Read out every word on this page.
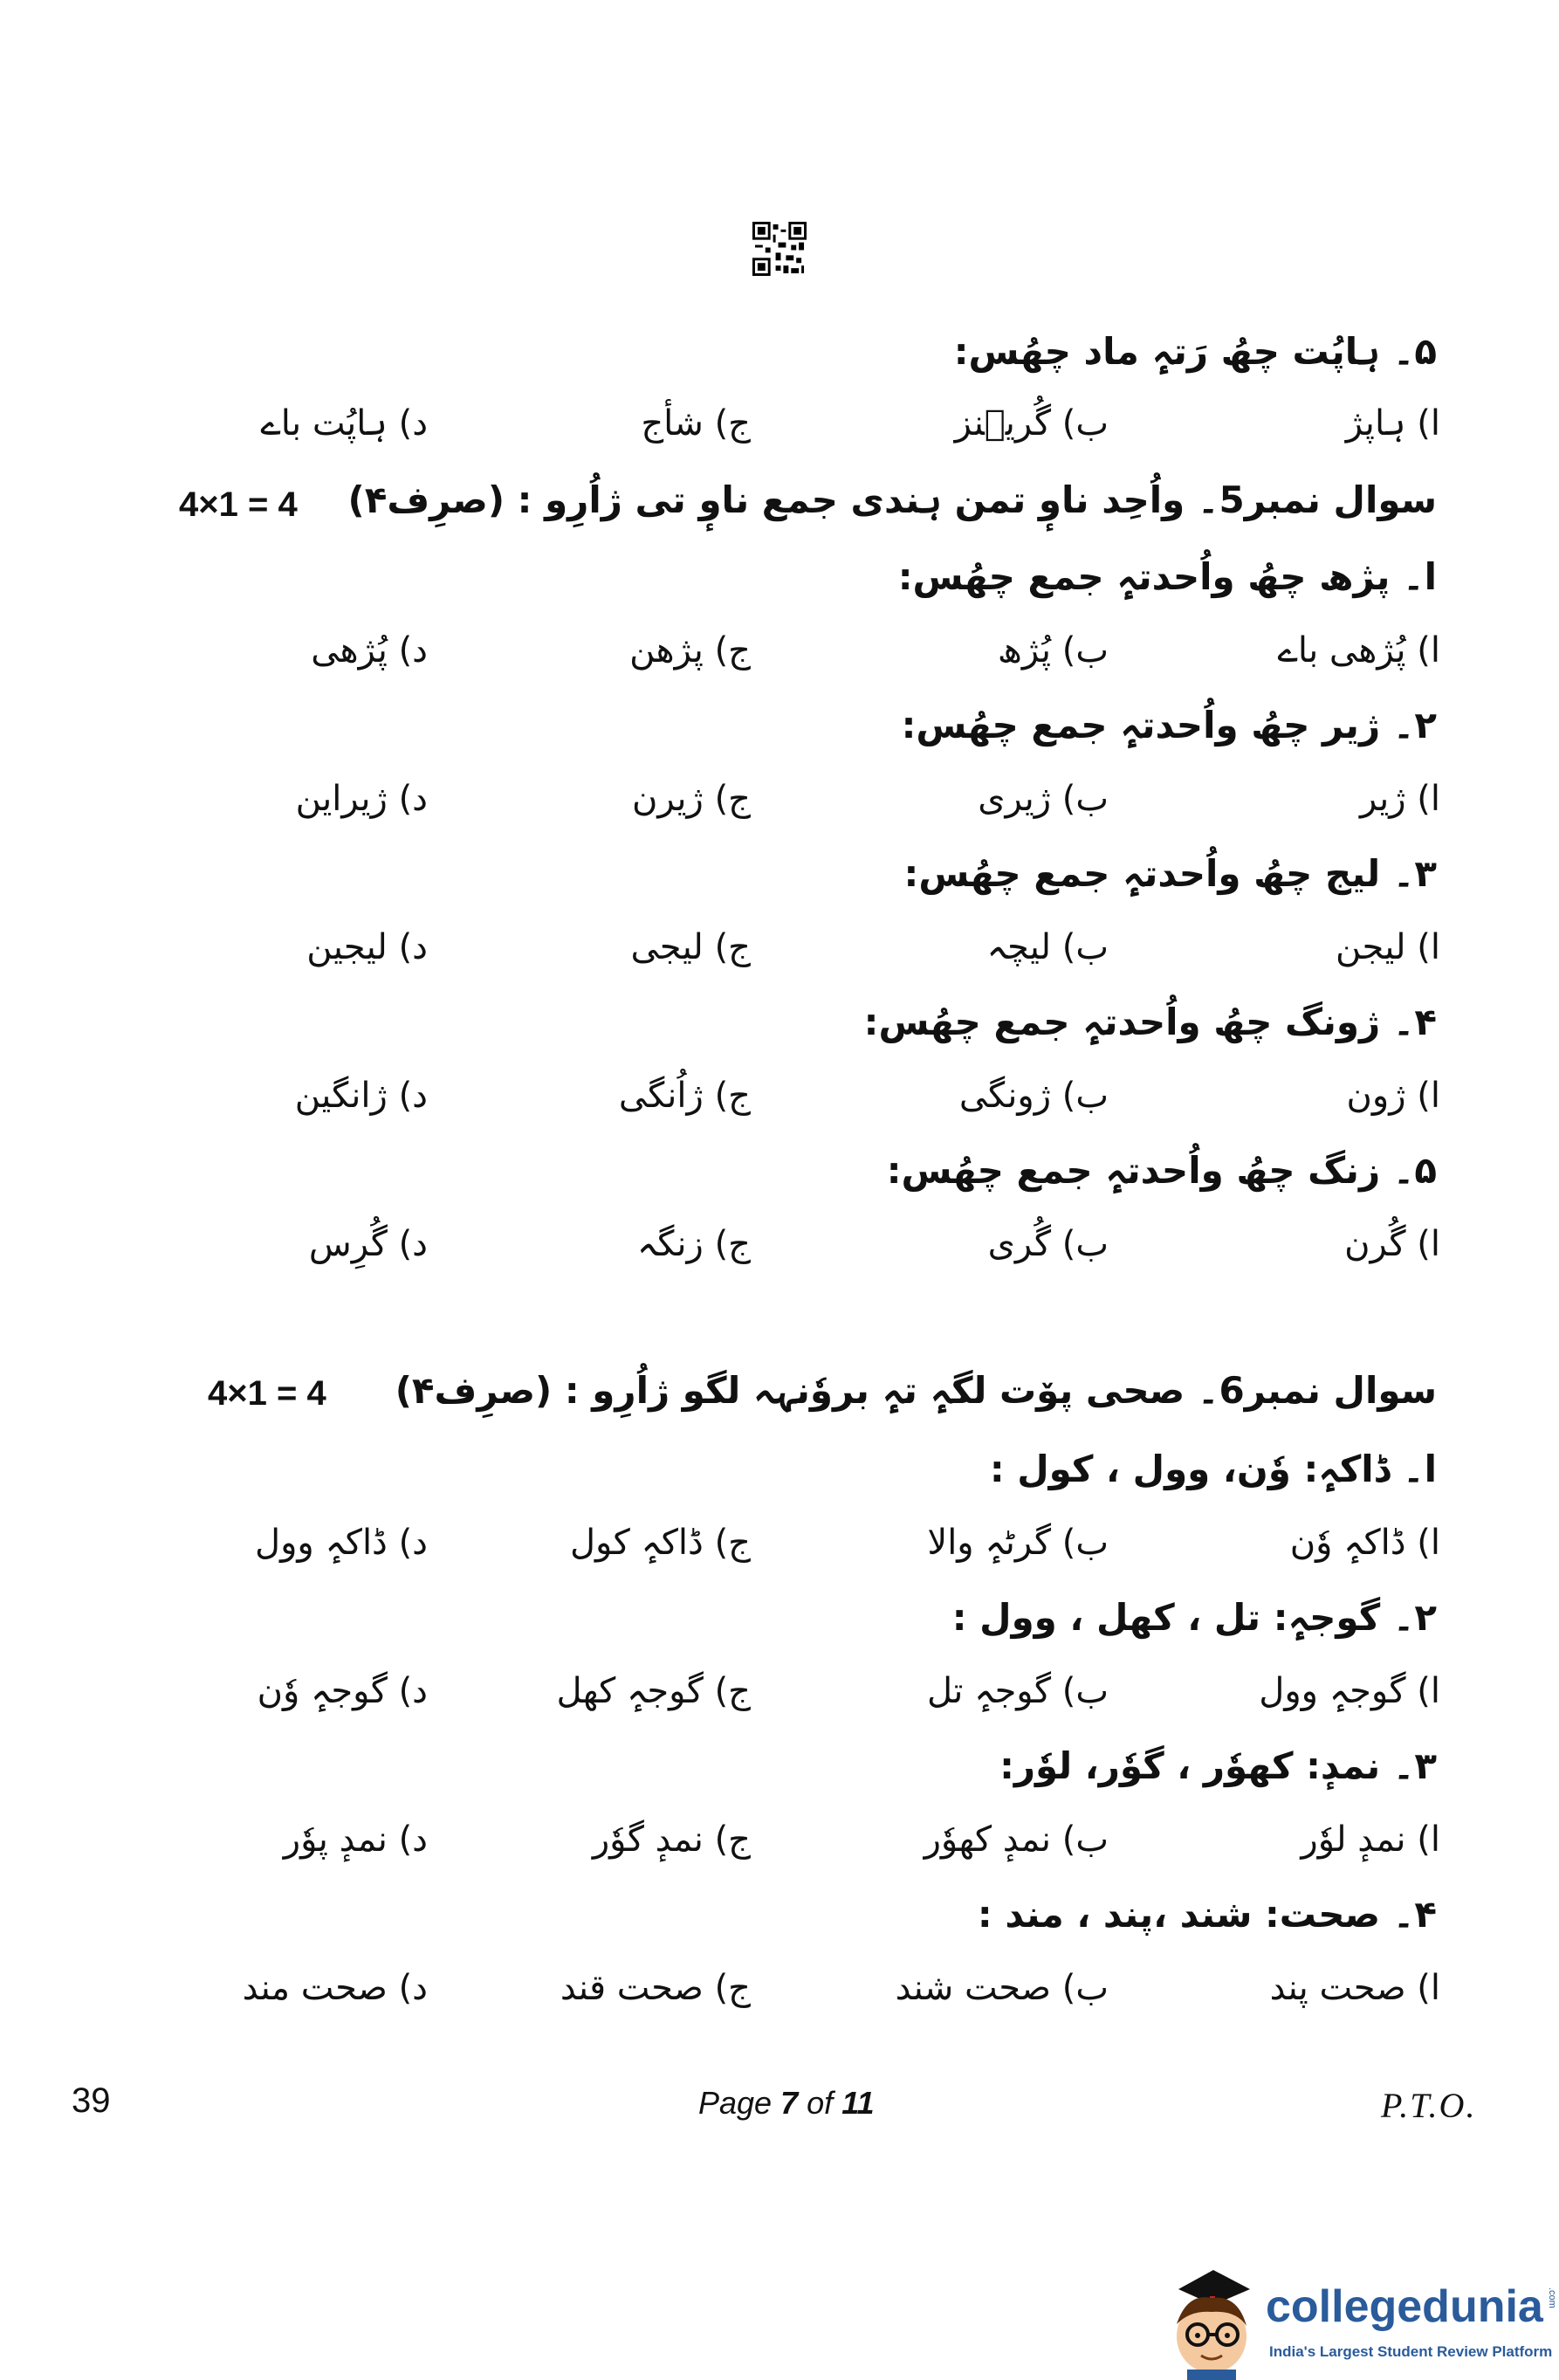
۵۔ ہاپُت چھُ رَتہٕ ماد چھُس:
ا) ہاپژ
ب) گُریٖنز
ج) شأج
د) ہاپُت باے
سوال نمبر5۔ واُحِد ناوٕ تمن ہندی جمع ناوٕ تی ژاُرِو : (صرِف۴)
4×1 = 4
ا۔ پژھ چھُ واُحدتہٕ جمع چھُس:
ا) پُژھی باے
ب) پُژھ
ج) پژھن
د) پُژھی
۲۔ ژیر چھُ واُحدتہٕ جمع چھُس:
ا) ژیر
ب) ژیری
ج) ژیرن
د) ژیراین
۳۔ لیج چھُ واُحدتہٕ جمع چھُس:
ا) لیجن
ب) لیچہ
ج) لیجی
د) لیجین
۴۔ ژونگ چھُ واُحدتہٕ جمع چھُس:
ا) ژون
ب) ژونگی
ج) ژاُنگی
د) ژانگین
۵۔ زنگ چھُ واُحدتہٕ جمع چھُس:
ا) گُرن
ب) گُری
ج) زنگہ
د) گُرِس
سوال نمبر6۔ صحی پۆت لگہٕ تہٕ بروٗنہہ لگو ژاُرِو : (صرِف۴)
4×1 = 4
ا۔ ڈاکہٕ: وٗن، وول ، کول :
ا) ڈاکہٕ وٗن
ب) گرٹہٕ والا
ج) ڈاکہٕ کول
د) ڈاکہٕ وول
۲۔ گوجہٕ: تل ، کھل ، وول :
ا) گوجہٕ وول
ب) گوجہٕ تل
ج) گوجہٕ کھل
د) گوجہٕ وٗن
۳۔ نمدٕ: کھوٗر ، گوٗر، لوٗر:
ا) نمدٕ لوٗر
ب) نمدٕ کھوٗر
ج) نمدٕ گوٗر
د) نمدٕ پوٗر
۴۔ صحت: شند ،پند ، مند :
ا) صحت پند
ب) صحت شند
ج) صحت قند
د) صحت مند
39	Page 7 of 11	P.T.O.
collegedunia .com
India's Largest Student Review Platform
